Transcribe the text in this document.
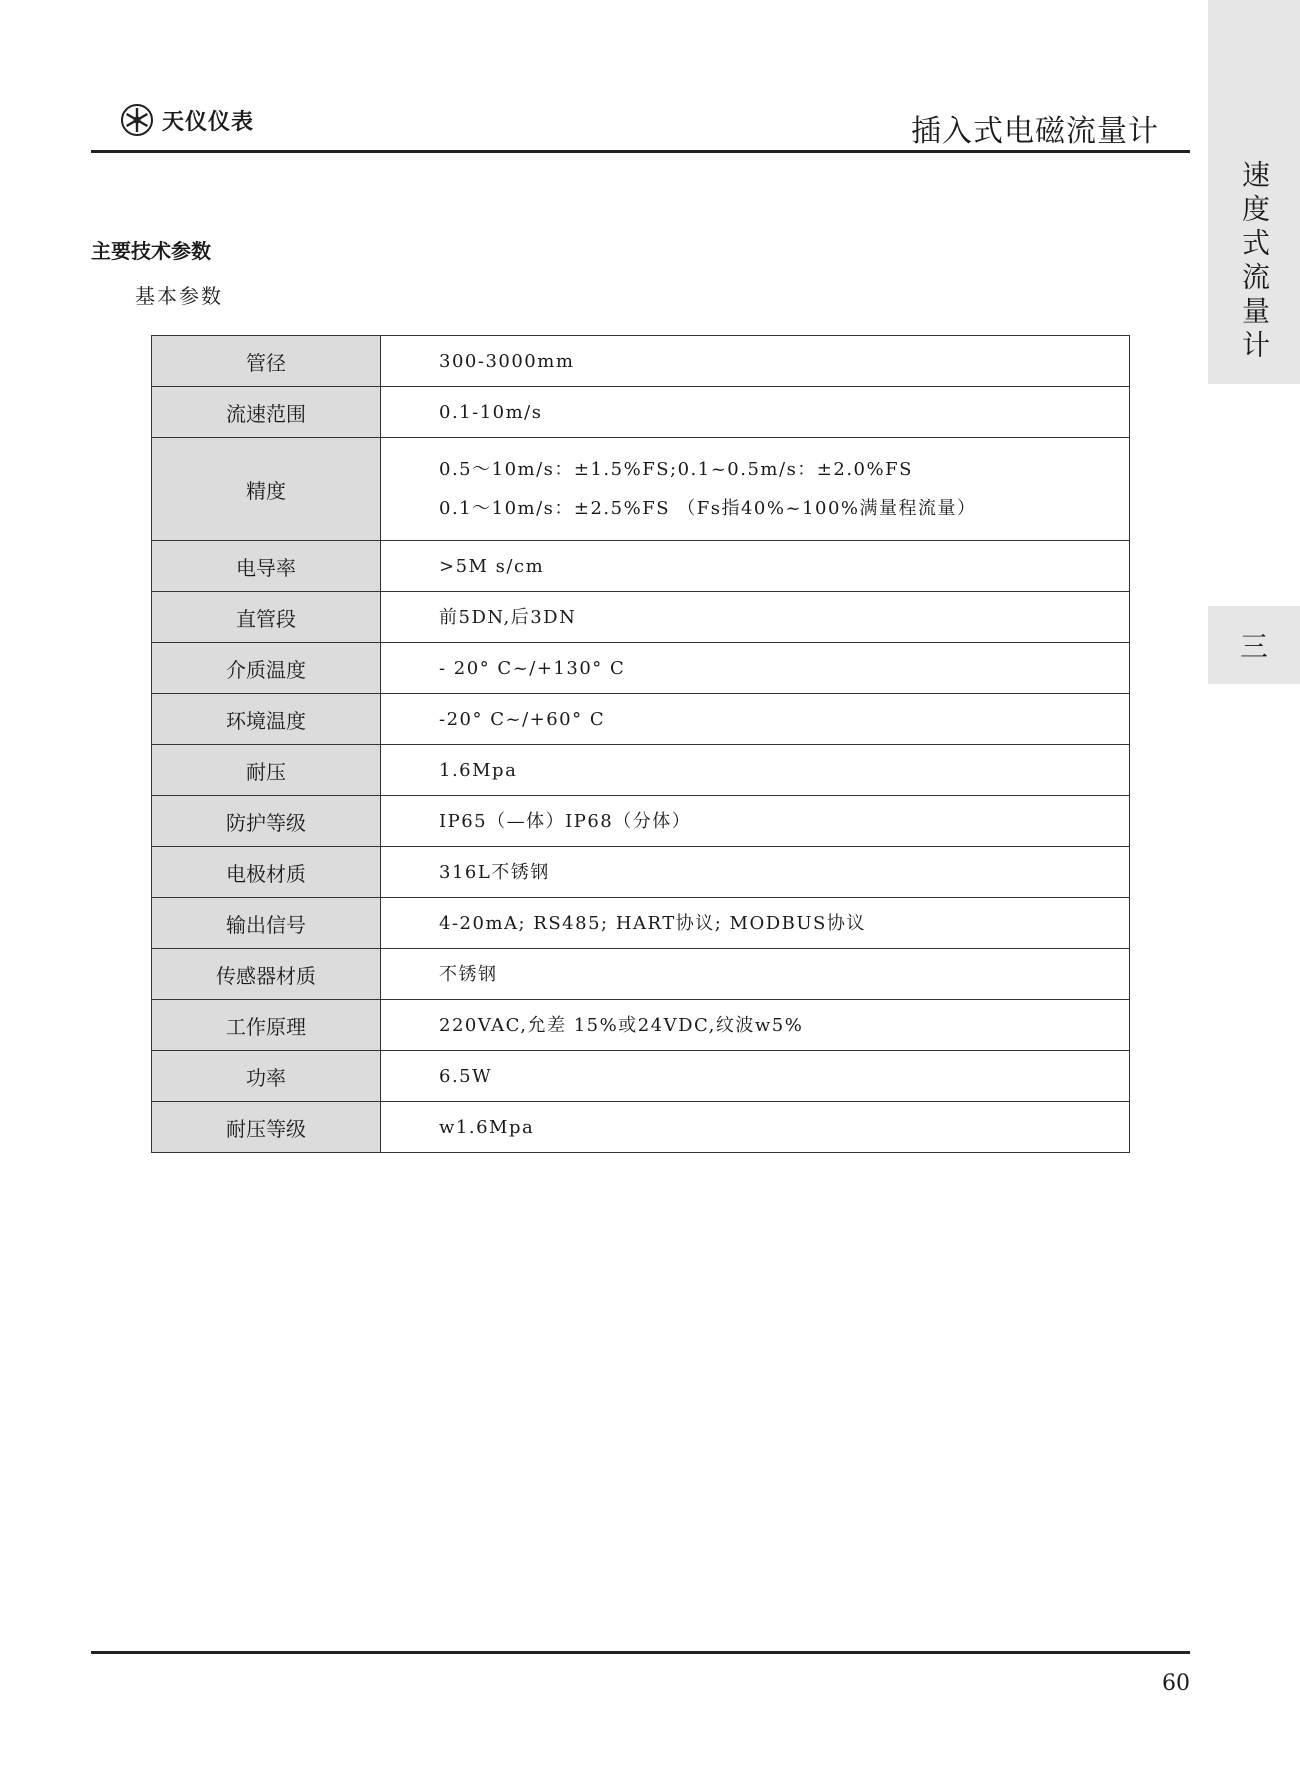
天仪仪表	插入式电磁流量计
速度式流量计
三
主要技术参数
基本参数
管径	300-3000mm

流速范围	0.1-10m/s

精度	0.5～10m/s：±1.5%FS;0.1~0.5m/s：±2.0%FS
0.1～10m/s：±2.5%FS （Fs指40%~100%满量程流量）

电导率	>5M s/cm

直管段	前5DN,后3DN

介质温度	- 20° C~/+130° C

环境温度	-20° C~/+60° C

耐压	1.6Mpa

防护等级	IP65（—体）IP68（分体）

电极材质	316L不锈钢

输出信号	4-20mA; RS485; HART协议; MODBUS协议

传感器材质	不锈钢

工作原理	220VAC,允差 15%或24VDC,纹波w5%

功率	6.5W

耐压等级	w1.6Mpa
60
